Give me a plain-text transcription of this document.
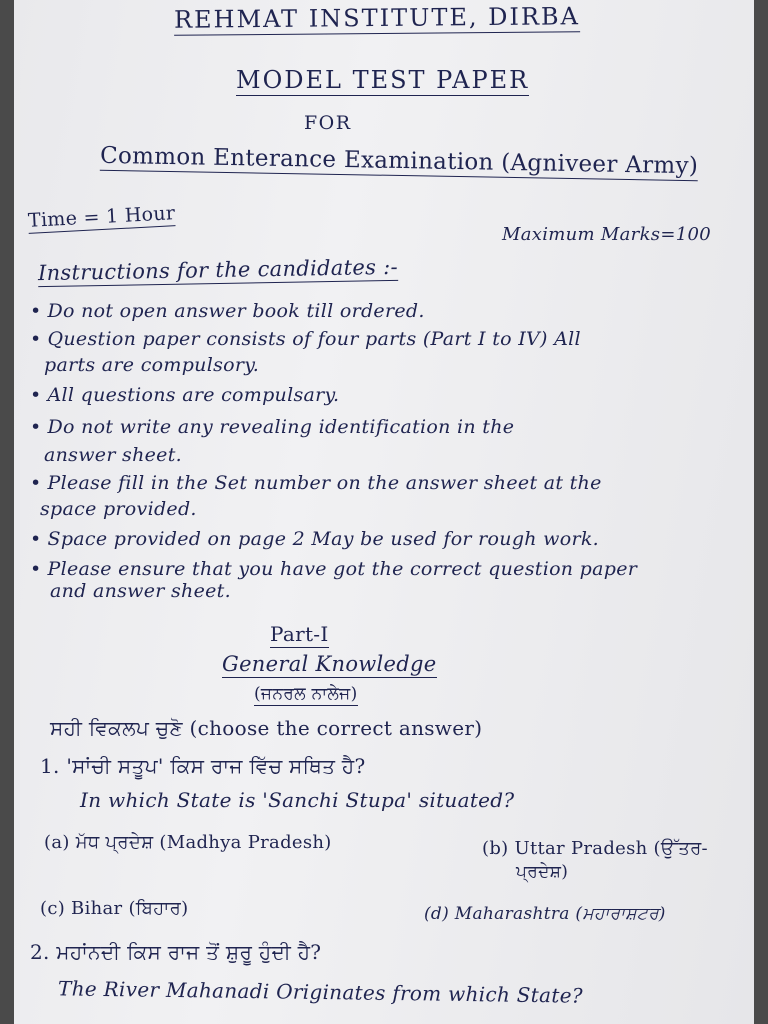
REHMAT INSTITUTE, DIRBA
MODEL TEST PAPER
FOR
Common Enterance Examination (Agniveer Army)
Time = 1 Hour
Maximum Marks=100
Instructions for the candidates :-
• Do not open answer book till ordered.
• Question paper consists of four parts (Part I to IV) All
parts are compulsory.
• All questions are compulsary.
• Do not write any revealing identification in the
answer sheet.
• Please fill in the Set number on the answer sheet at the
space provided.
• Space provided on page 2 May be used for rough work.
• Please ensure that you have got the correct question paper
and answer sheet.
Part-I
General Knowledge
(ਜਨਰਲ ਨਾਲੇਜ)
ਸਹੀ ਵਿਕਲਪ ਚੁਣੋ (choose the correct answer)
1. 'ਸਾਂਚੀ ਸਤੂਪ' ਕਿਸ ਰਾਜ ਵਿੱਚ ਸਥਿਤ ਹੈ?
In which State is 'Sanchi Stupa' situated?
(a) ਮੱਧ ਪ੍ਰਦੇਸ਼ (Madhya Pradesh)	(b) Uttar Pradesh (ਉੱਤਰ-
ਪ੍ਰਦੇਸ਼)
(c) Bihar (ਬਿਹਾਰ)	(d) Maharashtra (ਮਹਾਰਾਸ਼ਟਰ)
2. ਮਹਾਂਨਦੀ ਕਿਸ ਰਾਜ ਤੋਂ ਸ਼ੁਰੂ ਹੁੰਦੀ ਹੈ?
The River Mahanadi Originates from which State?
